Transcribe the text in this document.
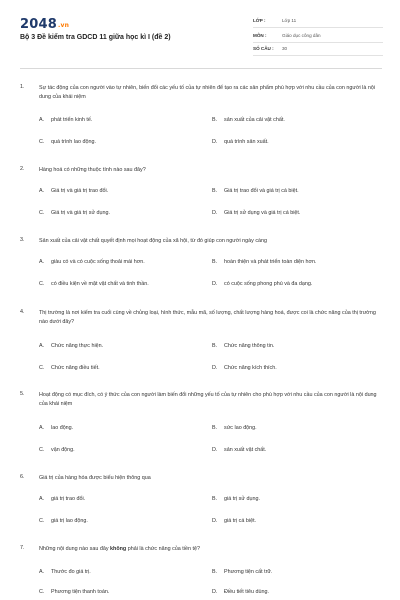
2048.vn
Bộ 3 Đề kiểm tra GDCD 11 giữa học kì I (đề 2)
LỚP :	Lớp 11
MÔN :	Giáo dục công dân
SỐ CÂU : 30
1.	Sự tác động của con người vào tự nhiên, biến đổi các yếu tố của tự nhiên để tạo ra các sản phẩm phù hợp với nhu cầu của con người là nội dung của khái niệm
A. phát triển kinh tế.	B. sản xuất của cải vật chất.
C. quá trình lao động.	D. quá trình sản xuất.
2.	Hàng hoá có những thuộc tính nào sau đây?
A. Giá trị và giá trị trao đổi.	B. Giá trị trao đổi và giá trị cá biệt.
C. Giá trị và giá trị sử dụng.	D. Giá trị sử dụng và giá trị cá biệt.
3.	Sản xuất của cải vật chất quyết định mọi hoạt động của xã hội, từ đó giúp con người ngày càng
A. giàu có và có cuộc sống thoải mái hơn.	B. hoàn thiện và phát triển toàn diện hơn.
C. có điều kiện về mặt vật chất và tinh thần.	D. có cuộc sống phong phú và đa dạng.
4.	Thị trường là nơi kiểm tra cuối cùng về chủng loại, hình thức, mẫu mã, số lượng, chất lượng hàng hoá, được coi là chức năng của thị trường nào dưới đây?
A. Chức năng thực hiện.	B. Chức năng thông tin.
C. Chức năng điều tiết.	D. Chức năng kích thích.
5.	Hoạt động có mục đích, có ý thức của con người làm biến đổi những yếu tố của tự nhiên cho phù hợp với nhu cầu của con người là nội dung của khái niệm
A. lao động.	B. sức lao động.
C. vận động.	D. sản xuất vật chất.
6.	Giá trị của hàng hóa được biểu hiện thông qua
A. giá trị trao đổi.	B. giá trị sử dụng.
C. giá trị lao động.	D. giá trị cá biệt.
7.	Những nội dung nào sau đây không phải là chức năng của tiền tệ?
A. Thước đo giá trị.	B. Phương tiện cất trữ.
C. Phương tiện thanh toán.	D. Điều tiết tiêu dùng.
